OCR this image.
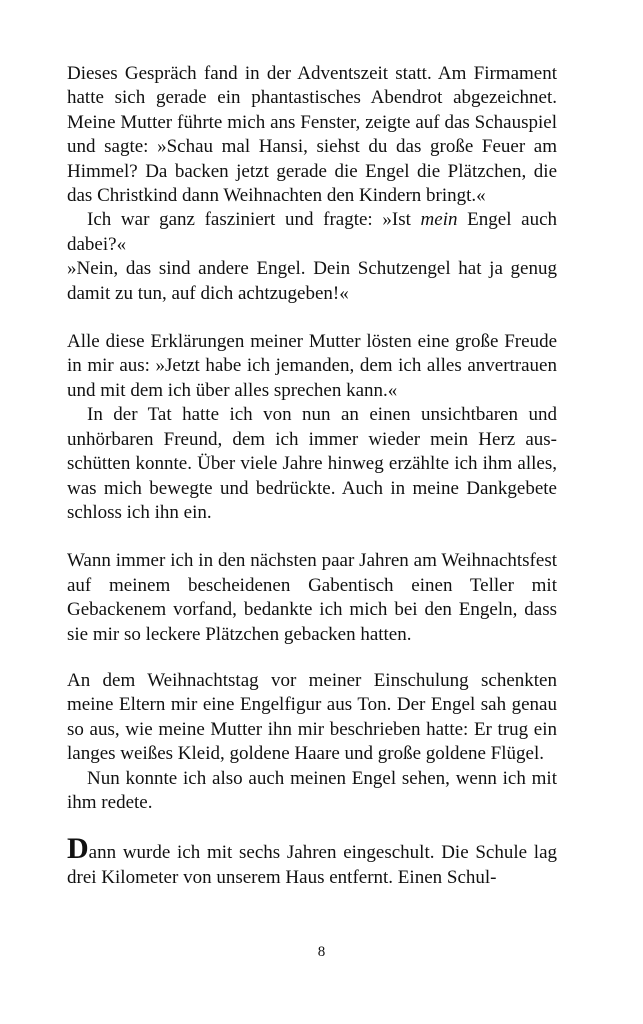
Dieses Gespräch fand in der Adventszeit statt. Am Firmament hatte sich gerade ein phantastisches Abendrot abgezeichnet. Meine Mutter führte mich ans Fenster, zeigte auf das Schauspiel und sagte: »Schau mal Hansi, siehst du das große Feuer am Himmel? Da backen jetzt gerade die Engel die Plätzchen, die das Christkind dann Weihnachten den Kindern bringt.«

Ich war ganz fasziniert und fragte: »Ist mein Engel auch dabei?«

»Nein, das sind andere Engel. Dein Schutzengel hat ja genug damit zu tun, auf dich achtzugeben!«

Alle diese Erklärungen meiner Mutter lösten eine große Freude in mir aus: »Jetzt habe ich jemanden, dem ich alles anvertrauen und mit dem ich über alles sprechen kann.«

In der Tat hatte ich von nun an einen unsichtbaren und unhörbaren Freund, dem ich immer wieder mein Herz ausschütten konnte. Über viele Jahre hinweg erzählte ich ihm alles, was mich bewegte und bedrückte. Auch in meine Dankgebete schloss ich ihn ein.

Wann immer ich in den nächsten paar Jahren am Weihnachtsfest auf meinem bescheidenen Gabentisch einen Teller mit Gebackenem vorfand, bedankte ich mich bei den Engeln, dass sie mir so leckere Plätzchen gebacken hatten.

An dem Weihnachtstag vor meiner Einschulung schenkten meine Eltern mir eine Engelfigur aus Ton. Der Engel sah genau so aus, wie meine Mutter ihn mir beschrieben hatte: Er trug ein langes weißes Kleid, goldene Haare und große goldene Flügel.

Nun konnte ich also auch meinen Engel sehen, wenn ich mit ihm redete.

Dann wurde ich mit sechs Jahren eingeschult. Die Schule lag drei Kilometer von unserem Haus entfernt. Einen Schul-

8
